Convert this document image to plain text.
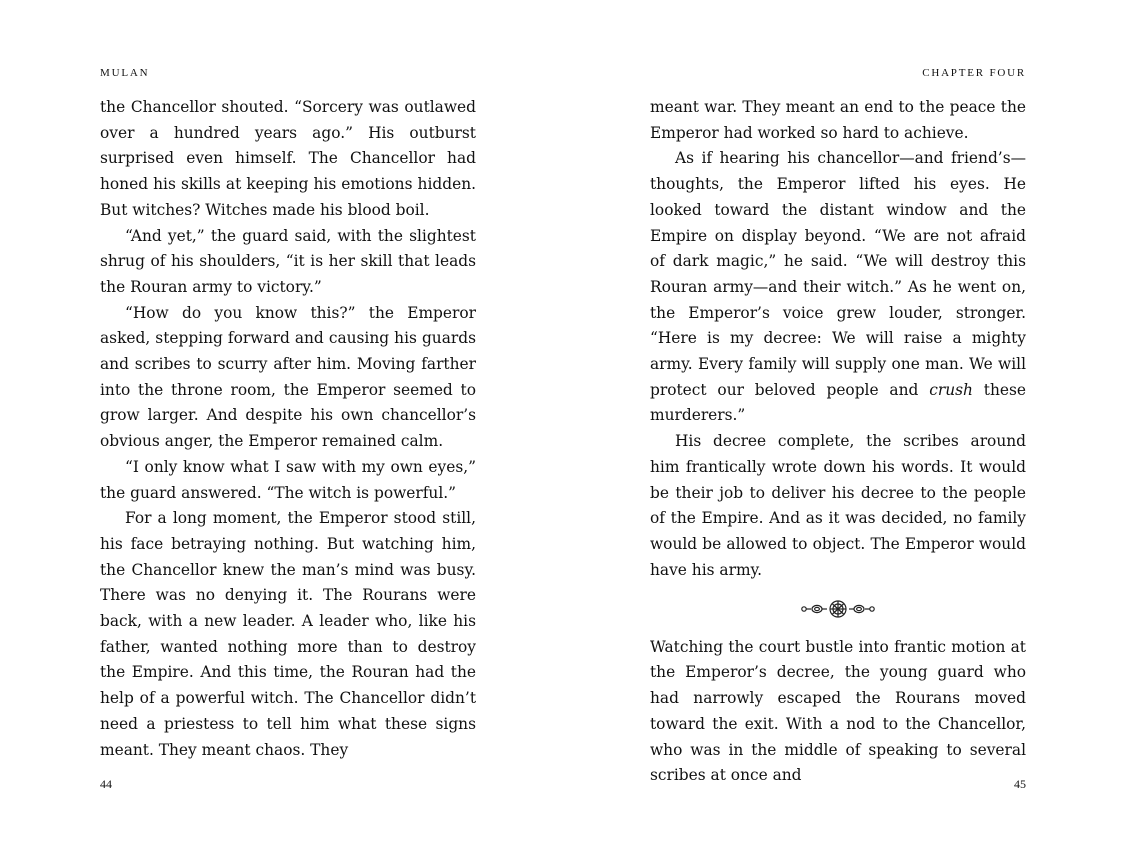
MULAN

the Chancellor shouted. “Sorcery was outlawed over a hundred years ago.” His outburst surprised even himself. The Chancellor had honed his skills at keeping his emotions hidden. But witches? Witches made his blood boil.

“And yet,” the guard said, with the slightest shrug of his shoulders, “it is her skill that leads the Rouran army to victory.”

“How do you know this?” the Emperor asked, stepping forward and causing his guards and scribes to scurry after him. Moving farther into the throne room, the Emperor seemed to grow larger. And despite his own chancellor’s obvious anger, the Emperor remained calm.

“I only know what I saw with my own eyes,” the guard answered. “The witch is powerful.”

For a long moment, the Emperor stood still, his face betraying nothing. But watching him, the Chancellor knew the man’s mind was busy. There was no denying it. The Rourans were back, with a new leader. A leader who, like his father, wanted nothing more than to destroy the Empire. And this time, the Rouran had the help of a powerful witch. The Chancellor didn’t need a priestess to tell him what these signs meant. They meant chaos. They

44
CHAPTER FOUR

meant war. They meant an end to the peace the Emperor had worked so hard to achieve.

As if hearing his chancellor—and friend’s—thoughts, the Emperor lifted his eyes. He looked toward the distant window and the Empire on display beyond. “We are not afraid of dark magic,” he said. “We will destroy this Rouran army—and their witch.” As he went on, the Emperor’s voice grew louder, stronger. “Here is my decree: We will raise a mighty army. Every family will supply one man. We will protect our beloved people and crush these murderers.”

His decree complete, the scribes around him frantically wrote down his words. It would be their job to deliver his decree to the people of the Empire. And as it was decided, no family would be allowed to object. The Emperor would have his army.

Watching the court bustle into frantic motion at the Emperor’s decree, the young guard who had narrowly escaped the Rourans moved toward the exit. With a nod to the Chancellor, who was in the middle of speaking to several scribes at once and	45
